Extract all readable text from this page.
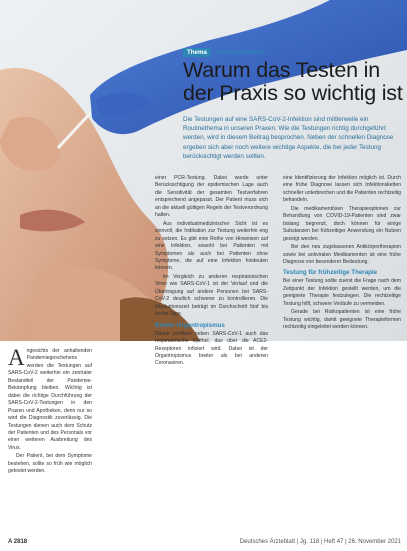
Thema	Coronapandemie
Warum das Testen in der Praxis so wichtig ist

Die Testungen auf eine SARS-CoV-2-Infektion sind mittlerweile ein Routinethema in unseren Praxen. Wie die Testungen richtig durchgeführt werden, wird in diesem Beitrag besprochen. Neben der schnellen Diagnose ergeben sich aber noch weitere wichtige Aspekte, die bei jeder Testung berücksichtigt werden sollten.

Angesichts der anhaltenden Pandemiegeschehens werden die Testungen auf SARS-CoV-2 weiterhin ein zentraler Bestandteil der Pandemie-Bekämpfung bleiben. Wichtig ist dabei die richtige Durchführung der SARS-CoV-2-Testungen in den Praxen und Apotheken, denn nur so wird die Diagnostik zuverlässig. Die Testungen dienen auch dem Schutz der Patienten und des Personals vor einer weiteren Ausbreitung des Virus.

Der Patient, bei dem Symptome bestehen, sollte so früh wie möglich getestet werden.

einer PCR-Testung. Dabei wurde unter Berücksichtigung der epidemischen Lage auch die Sensitivität der gesamten Testverfahren entsprechend angepasst. Der Patient muss sich an die aktuell gültigen Regeln der Testverordnung halten.

Aus individualmedizinischer Sicht ist es sinnvoll, die Indikation zur Testung weiterhin eng zu setzen. Es gibt eine Reihe von Hinweisen auf eine Infektion, sowohl bei Patienten mit Symptomen als auch bei Patienten ohne Symptome, die auf eine Infektion hindeuten können.

Im Vergleich zu anderen respiratorischen Viren wie SARS-CoV-1 ist der Verlauf und die Übertragung auf andere Personen bei SARS-CoV-2 deutlich schwerer zu kontrollieren. Die Inkubationszeit beträgt im Durchschnitt fünf bis sechs Tage.

Breiter Organtropismus

Davon profitiert neben SARS-CoV-1 auch das respiratorische Epithel, das über die ACE2-Rezeptoren infiziert wird. Dabei ist der Organtropismus breiter als bei anderen Coronaviren.

eine Identifizierung der Infektion möglich ist. Durch eine frühe Diagnose lassen sich Infektionsketten schneller unterbrechen und die Patienten rechtzeitig behandeln.

Die medikamentösen Therapieoptionen zur Behandlung von COVID-19-Patienten sind zwar bislang begrenzt, doch können für einige Substanzen bei frühzeitiger Anwendung ein Nutzen gezeigt werden.

Bei den neu zugelassenen Antikörpertherapien sowie bei antiviralen Medikamenten ist eine frühe Diagnose von besonderer Bedeutung.

Testung für frühzeitige Therapie

Bei einer Testung sollte zuerst die Frage nach dem Zeitpunkt der Infektion gestellt werden, um die geeignete Therapie festzulegen. Die rechtzeitige Testung hilft, schwere Verläufe zu vermeiden.

Gerade bei Risikopatienten ist eine frühe Testung wichtig, damit geeignete Therapieformen rechtzeitig eingeleitet werden können.

A 2818	Deutsches Ärzteblatt | Jg. 118 | Heft 47 | 26. November 2021
